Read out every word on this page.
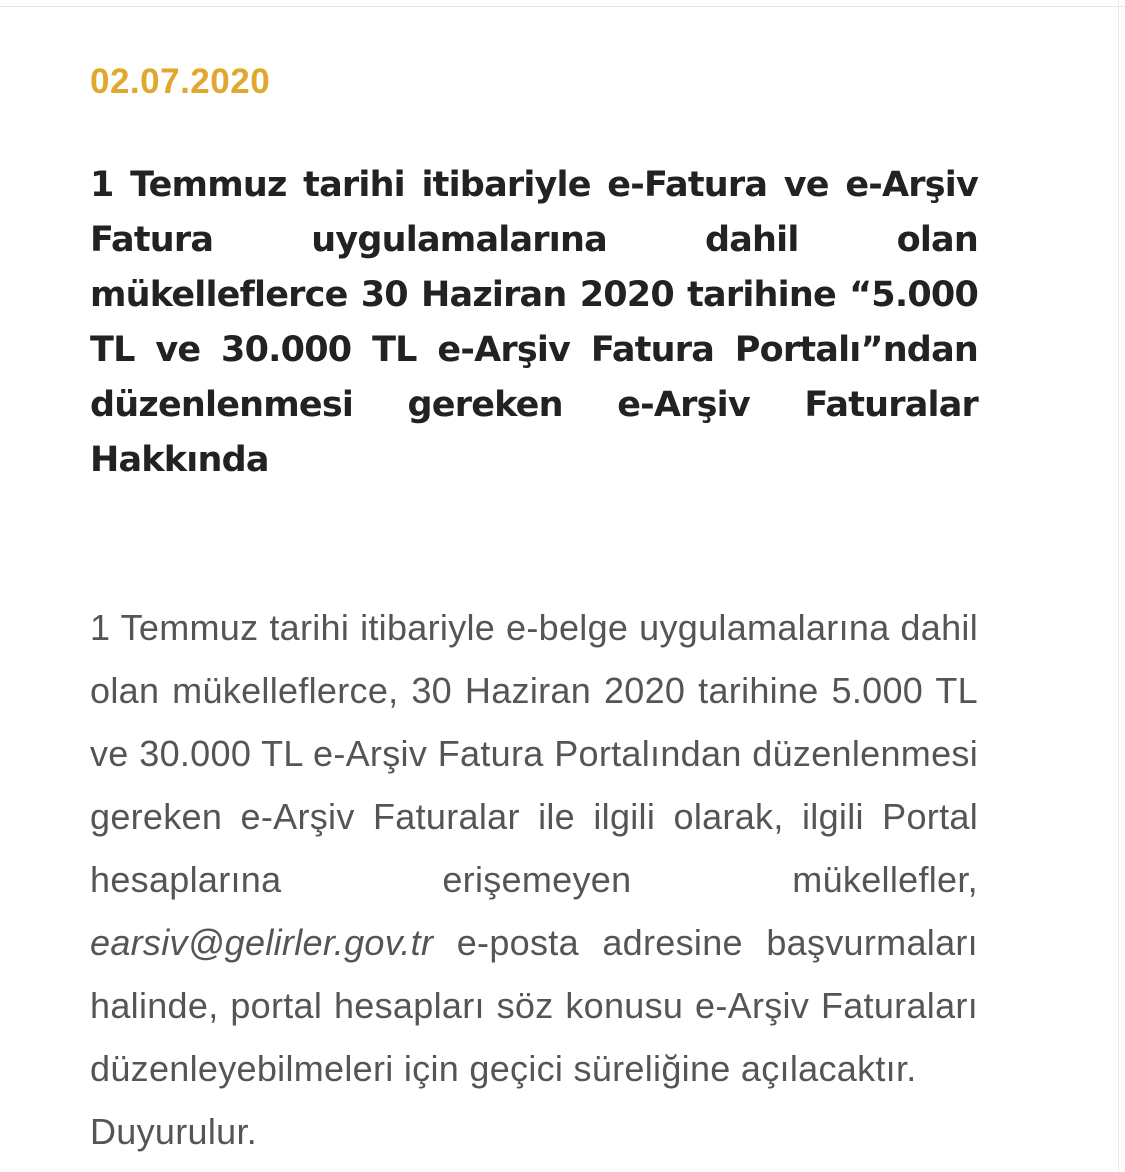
02.07.2020

1 Temmuz tarihi itibariyle e-Fatura ve e-Arşiv Fatura uygulamalarına dahil olan mükelleflerce 30 Haziran 2020 tarihine “5.000 TL ve 30.000 TL e-Arşiv Fatura Portalı”ndan düzenlenmesi gereken e-Arşiv Faturalar Hakkında

1 Temmuz tarihi itibariyle e-belge uygulamalarına dahil olan mükelleflerce, 30 Haziran 2020 tarihine 5.000 TL ve 30.000 TL e-Arşiv Fatura Portalından düzenlenmesi gereken e-Arşiv Faturalar ile ilgili olarak, ilgili Portal hesaplarına erişemeyen mükellefler, earsiv@gelirler.gov.tr e-posta adresine başvurmaları halinde, portal hesapları söz konusu e-Arşiv Faturaları düzenleyebilmeleri için geçici süreliğine açılacaktır.

Duyurulur.
